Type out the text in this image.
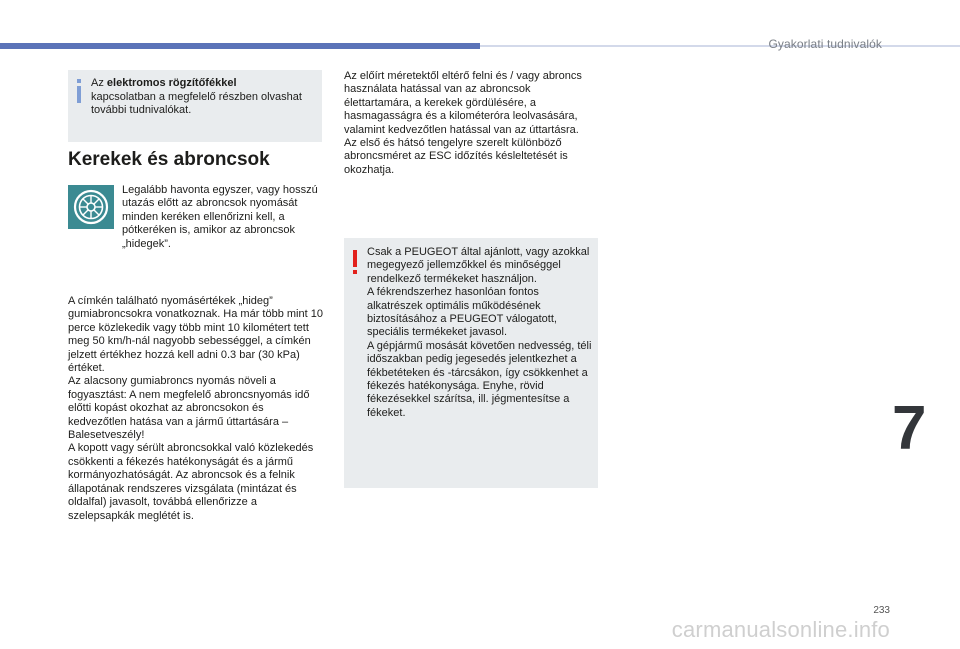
Gyakorlati tudnivalók
Az elektromos rögzítőfékkel
kapcsolatban a megfelelő részben olvashat további tudnivalókat.
Kerekek és abroncsok
Legalább havonta egyszer, vagy hosszú utazás előtt az abroncsok nyomását minden keréken ellenőrizni kell, a pótkeréken is, amikor az abroncsok „hidegek”.

A címkén található nyomásértékek „hideg” gumiabroncsokra vonatkoznak. Ha már több mint 10 perce közlekedik vagy több mint 10 kilométert tett meg 50 km/h-nál nagyobb sebességgel, a címkén jelzett értékhez hozzá kell adni 0.3 bar (30 kPa) értéket.

Az alacsony gumiabroncs nyomás növeli a fogyasztást: A nem megfelelő abroncsnyomás idő előtti kopást okozhat az abroncsokon és kedvezőtlen hatása van a jármű úttartására – Balesetveszély!

A kopott vagy sérült abroncsokkal való közlekedés csökkenti a fékezés hatékonyságát és a jármű kormányozhatóságát. Az abroncsok és a felnik állapotának rendszeres vizsgálata (mintázat és oldalfal) javasolt, továbbá ellenőrizze a szelepsapkák meglétét is.

Az előírt méretektől eltérő felni és / vagy abroncs használata hatással van az abroncsok élettartamára, a kerekek gördülésére, a hasmagasságra és a kilométeróra leolvasására, valamint kedvezőtlen hatással van az úttartásra.

Az első és hátsó tengelyre szerelt különböző abroncsméret az ESC időzítés késleltetését is okozhatja.

Csak a PEUGEOT által ajánlott, vagy azokkal megegyező jellemzőkkel és minőséggel rendelkező termékeket használjon.

A fékrendszerhez hasonlóan fontos alkatrészek optimális működésének biztosításához a PEUGEOT válogatott, speciális termékeket javasol.

A gépjármű mosását követően nedvesség, téli időszakban pedig jegesedés jelentkezhet a fékbetéteken és -tárcsákon, így csökkenhet a fékezés hatékonysága. Enyhe, rövid fékezésekkel szárítsa, ill. jégmentesítse a fékeket.	7
233
carmanualsonline.info
